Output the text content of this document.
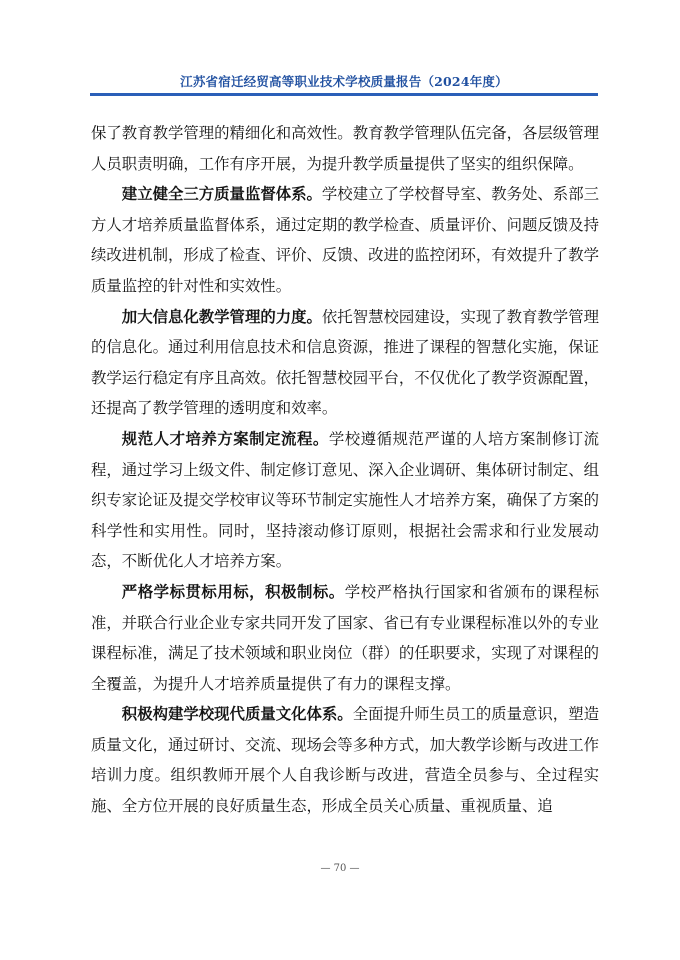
江苏省宿迁经贸高等职业技术学校质量报告（2024年度）

保了教育教学管理的精细化和高效性。教育教学管理队伍完备，各层级管理人员职责明确，工作有序开展，为提升教学质量提供了坚实的组织保障。

建立健全三方质量监督体系。学校建立了学校督导室、教务处、系部三方人才培养质量监督体系，通过定期的教学检查、质量评价、问题反馈及持续改进机制，形成了检查、评价、反馈、改进的监控闭环，有效提升了教学质量监控的针对性和实效性。

加大信息化教学管理的力度。依托智慧校园建设，实现了教育教学管理的信息化。通过利用信息技术和信息资源，推进了课程的智慧化实施，保证教学运行稳定有序且高效。依托智慧校园平台，不仅优化了教学资源配置，还提高了教学管理的透明度和效率。

规范人才培养方案制定流程。学校遵循规范严谨的人培方案制修订流程，通过学习上级文件、制定修订意见、深入企业调研、集体研讨制定、组织专家论证及提交学校审议等环节制定实施性人才培养方案，确保了方案的科学性和实用性。同时，坚持滚动修订原则，根据社会需求和行业发展动态，不断优化人才培养方案。

严格学标贯标用标，积极制标。学校严格执行国家和省颁布的课程标准，并联合行业企业专家共同开发了国家、省已有专业课程标准以外的专业课程标准，满足了技术领域和职业岗位（群）的任职要求，实现了对课程的全覆盖，为提升人才培养质量提供了有力的课程支撑。

积极构建学校现代质量文化体系。全面提升师生员工的质量意识，塑造质量文化，通过研讨、交流、现场会等多种方式，加大教学诊断与改进工作培训力度。组织教师开展个人自我诊断与改进，营造全员参与、全过程实施、全方位开展的良好质量生态，形成全员关心质量、重视质量、追

— 70 —
